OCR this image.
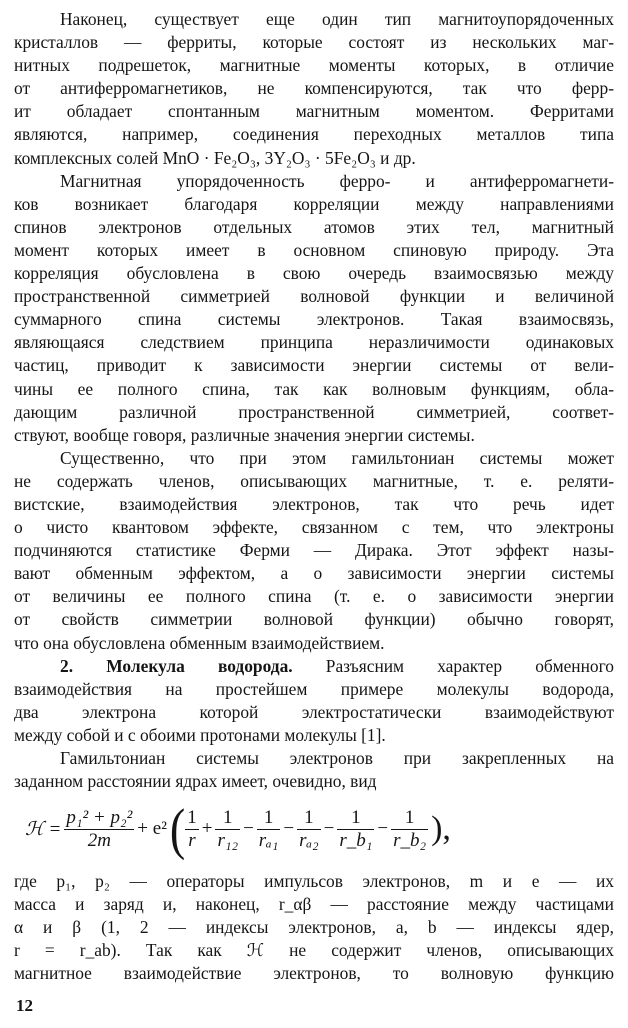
Наконец, существует еще один тип магнитоупорядоченных
кристаллов — ферриты, которые состоят из нескольких маг-
нитных подрешеток, магнитные моменты которых, в отличие
от антиферромагнетиков, не компенсируются, так что ферр-
ит обладает спонтанным магнитным моментом. Ферритами
являются, например, соединения переходных металлов типа
комплексных солей MnO · Fe₂O₃, 3Y₂O₃ · 5Fe₂O₃ и др.
Магнитная упорядоченность ферро- и антиферромагнети-
ков возникает благодаря корреляции между направлениями
спинов электронов отдельных атомов этих тел, магнитный
момент которых имеет в основном спиновую природу. Эта
корреляция обусловлена в свою очередь взаимосвязью между
пространственной симметрией волновой функции и величиной
суммарного спина системы электронов. Такая взаимосвязь,
являющаяся следствием принципа неразличимости одинаковых
частиц, приводит к зависимости энергии системы от вели-
чины ее полного спина, так как волновым функциям, обла-
дающим различной пространственной симметрией, соответ-
ствуют, вообще говоря, различные значения энергии системы.
Существенно, что при этом гамильтониан системы может
не содержать членов, описывающих магнитные, т. е. реляти-
вистские, взаимодействия электронов, так что речь идет
о чисто квантовом эффекте, связанном с тем, что электроны
подчиняются статистике Ферми — Дирака. Этот эффект назы-
вают обменным эффектом, а о зависимости энергии системы
от величины ее полного спина (т. е. о зависимости энергии
от свойств симметрии волновой функции) обычно говорят,
что она обусловлена обменным взаимодействием.
2. Молекула водорода. Разъясним характер обменного
взаимодействия на простейшем примере молекулы водорода,
два электрона которой электростатически взаимодействуют
между собой и с обоими протонами молекулы [1].
Гамильтониан системы электронов при закрепленных на
заданном расстоянии ядрах имеет, очевидно, вид
ℋ = $\frac{\text{p₁² + p₂²}}{2m} + e^2$ ( $\frac{1}{r} + \frac{1}{\text{r₁₂}} - \frac{1}{\text{rₐ₁}} - \frac{1}{\text{rₐ₂}} - \frac{1}{\text{r\_b₁}} - \frac{1}{\text{r\_b₂}}$ ),
где p₁, p₂ — операторы импульсов электронов, m и e — их
масса и заряд и, наконец, r_αβ — расстояние между частицами
α и β (1, 2 — индексы электронов, a, b — индексы ядер,
r = r_ab). Так как ℋ не содержит членов, описывающих
магнитное взаимодействие электронов, то волновую функцию
12
